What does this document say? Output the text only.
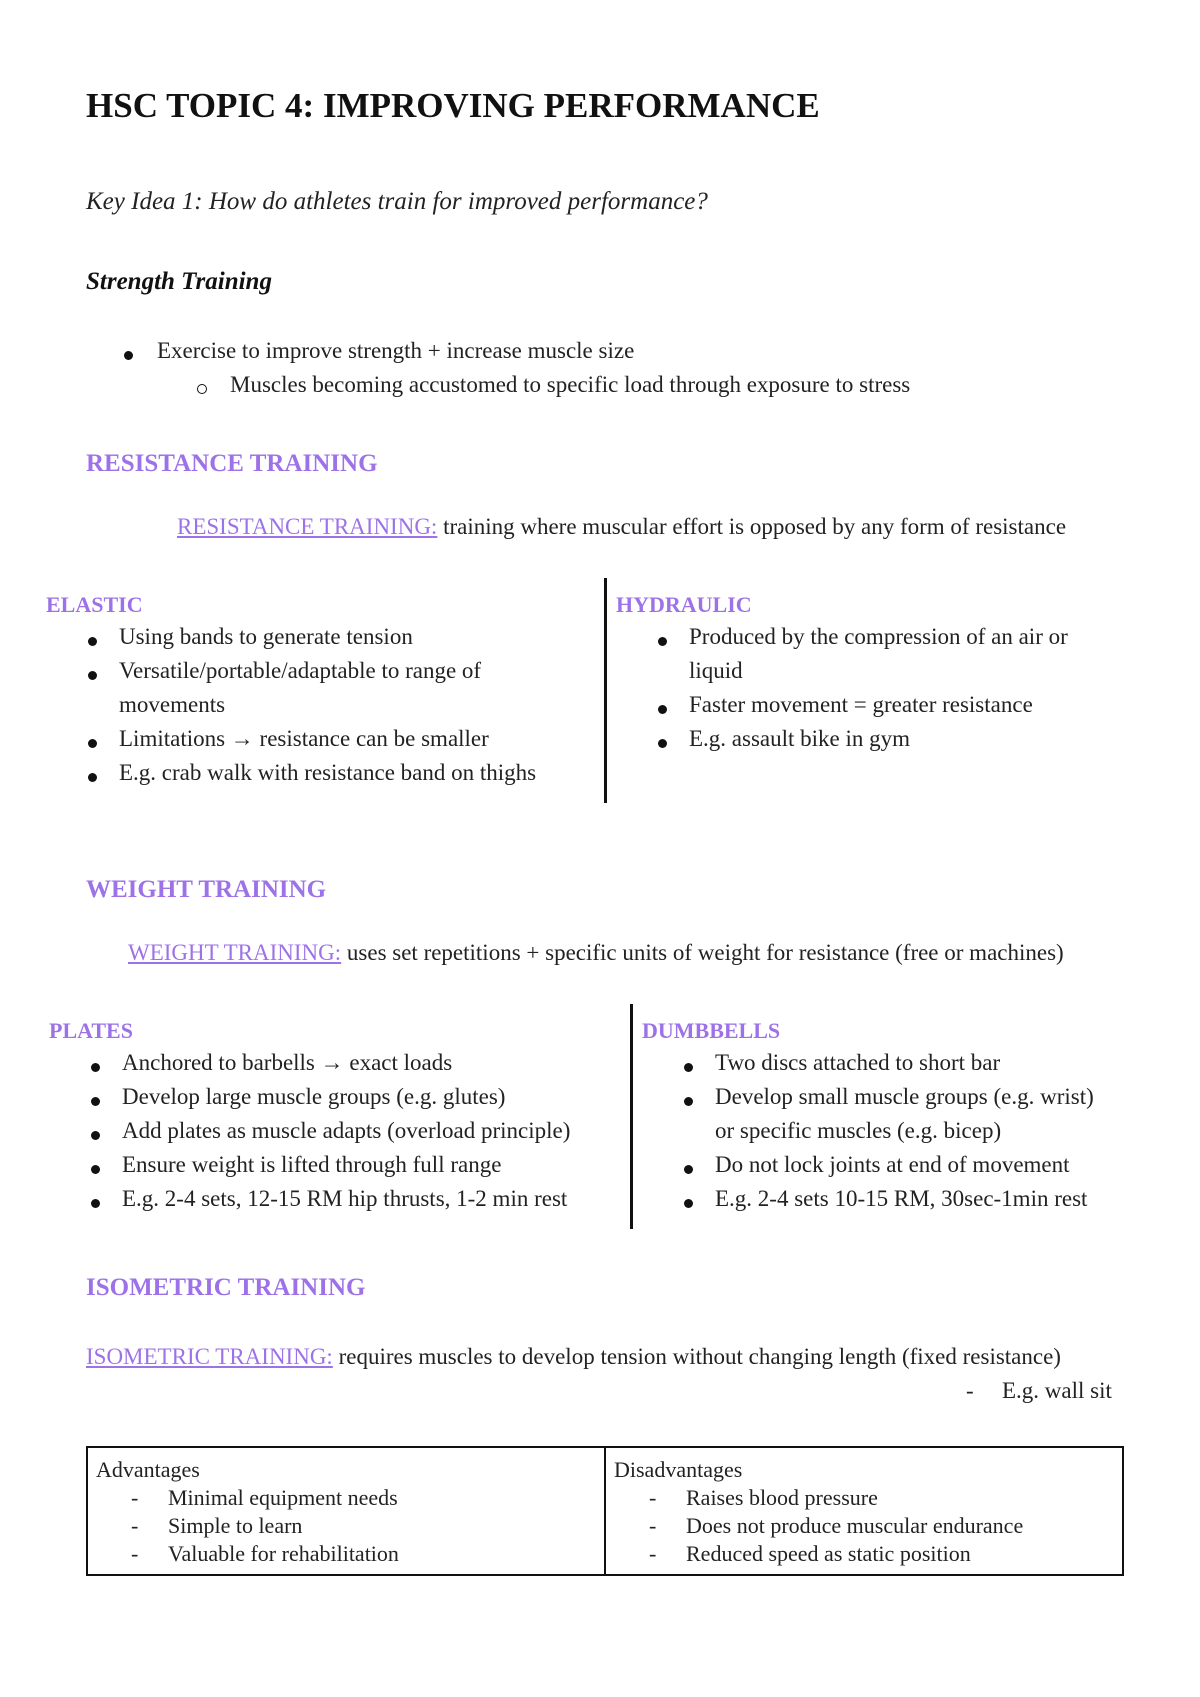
HSC TOPIC 4: IMPROVING PERFORMANCE
Key Idea 1: How do athletes train for improved performance?
Strength Training
Exercise to improve strength + increase muscle size
Muscles becoming accustomed to specific load through exposure to stress
RESISTANCE TRAINING
RESISTANCE TRAINING: training where muscular effort is opposed by any form of resistance
ELASTIC
Using bands to generate tension
Versatile/portable/adaptable to range of
movements
Limitations → resistance can be smaller
E.g. crab walk with resistance band on thighs
HYDRAULIC
Produced by the compression of an air or
liquid
Faster movement = greater resistance
E.g. assault bike in gym
WEIGHT TRAINING
WEIGHT TRAINING: uses set repetitions + specific units of weight for resistance (free or machines)
PLATES
Anchored to barbells → exact loads
Develop large muscle groups (e.g. glutes)
Add plates as muscle adapts (overload principle)
Ensure weight is lifted through full range
E.g. 2-4 sets, 12-15 RM hip thrusts, 1-2 min rest
DUMBBELLS
Two discs attached to short bar
Develop small muscle groups (e.g. wrist)
or specific muscles (e.g. bicep)
Do not lock joints at end of movement
E.g. 2-4 sets 10-15 RM, 30sec-1min rest
ISOMETRIC TRAINING
ISOMETRIC TRAINING: requires muscles to develop tension without changing length (fixed resistance)
- E.g. wall sit
Advantages
- Minimal equipment needs
- Simple to learn
- Valuable for rehabilitation

Disadvantages
- Raises blood pressure
- Does not produce muscular endurance
- Reduced speed as static position
